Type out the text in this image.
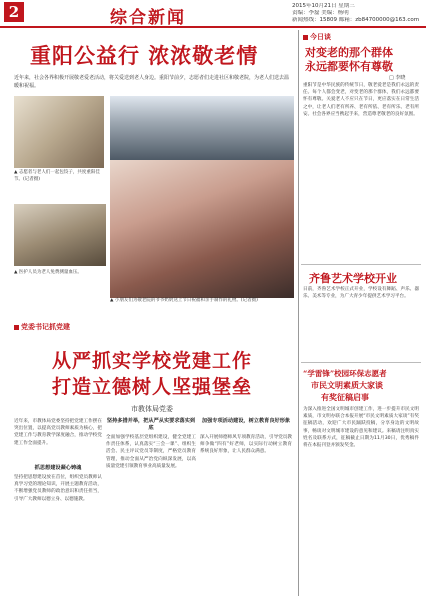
2	综合新闻
2015年10月21日 星期三
责编：李磊 美编：杨明
新闻热线：15809 邮箱：zb84700000@163.com
重阳公益行 浓浓敬老情
近年来，社会各界积极开展敬老爱老活动，将关爱送到老人身边。重阳节前夕，志愿者们走进社区和敬老院，为老人们送去温暖和祝福。
▲ 志愿者与老人们一起包饺子，共度重阳佳节。(记者摄)
▲ 医护人员为老人免费测量血压。
▲ 小朋友们为敬老院的爷爷奶奶送上节日祝福和亲手制作的礼物。(记者摄)
今日谈
对变老的那个群体
永远都要怀有尊敬
□ 李晓
重阳节是中华民族的传统节日，敬老爱老是我们永远的责任。每个人都会变老，对变老的那个群体，我们永远都要怀有尊敬。关爱老人不应只在节日，更应落实在日常生活之中，让老人们老有所养、老有所依、老有所乐、老有所安。社会各界应当携起手来，营造尊老敬老的良好氛围。
齐鲁艺术学校开业
日前，齐鲁艺术学校正式开业，学校设有舞蹈、声乐、器乐、美术等专业，为广大青少年提供艺术学习平台。
“学雷锋”校园环保志愿者
市民文明素质大家谈
有奖征稿启事
为深入推进全国文明城市创建工作，进一步提升市民文明素质，市文明办联合本报开展“市民文明素质大家谈”有奖征稿活动，欢迎广大市民踊跃投稿，分享身边的文明故事，畅谈对文明城市建设的意见和建议。来稿请注明真实姓名及联系方式，征稿截止日期为11月30日，优秀稿件将在本报刊登并颁发奖金。
党委书记抓党建
从严抓实学校党建工作
打造立德树人坚强堡垒
市教体局党委
近年来，市教体局党委坚持把党建工作摆在突出位置，以提高党员教师素质为核心，把党建工作与教育教学深度融合，推动学校党建工作全面提升。
抓思想建设凝心铸魂
坚持把思想建设放在首位，组织党员教师认真学习党的理论知识，开展主题教育活动，不断增强党员教师的政治意识和责任担当，引导广大教师以德立身、以德施教。
坚持多措并举，把从严从实要求落实到底
全面加强学校基层党组织建设，健全党建工作责任体系，认真落实“三会一课”、组织生活会、民主评议党员等制度，严格党员教育管理，推动全面从严治党向纵深发展，以高质量党建引领教育事业高质量发展。
加强专项活动建设，树立教育良好形象
深入开展师德师风专项教育活动，引导党员教师争做“四有”好老师，以实际行动树立教育系统良好形象，让人民群众满意。
